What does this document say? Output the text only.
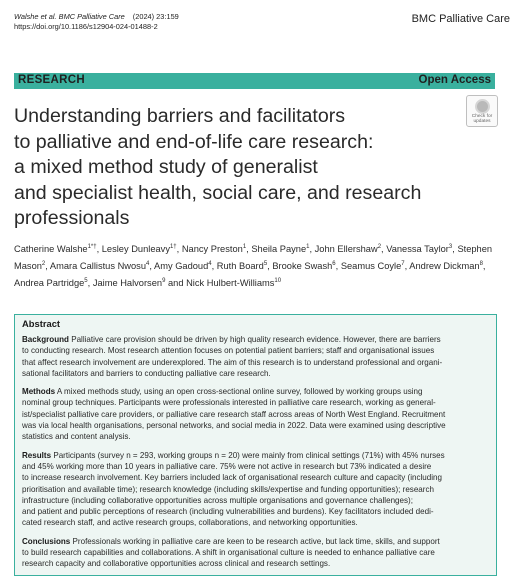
Walshe et al. BMC Palliative Care (2024) 23:159
https://doi.org/10.1186/s12904-024-01488-2
BMC Palliative Care
RESEARCH	Open Access
Understanding barriers and facilitators
to palliative and end-of-life care research:
a mixed method study of generalist
and specialist health, social care, and research
professionals
Check for
updates
Catherine Walshe$^{1*\dagger}$, Lesley Dunleavy$^{1\dagger}$, Nancy Preston$^1$, Sheila Payne$^1$, John Ellershaw$^2$, Vanessa Taylor$^3$, Stephen Mason$^2$, Amara Callistus Nwosu$^4$, Amy Gadoud$^4$, Ruth Board$^5$, Brooke Swash$^6$, Seamus Coyle$^7$, Andrew Dickman$^8$, Andrea Partridge$^5$, Jaime Halvorsen$^9$ and Nick Hulbert-Williams$^{10}$
Abstract

Background Palliative care provision should be driven by high quality research evidence. However, there are barriers
to conducting research. Most research attention focuses on potential patient barriers; staff and organisational issues
that affect research involvement are underexplored. The aim of this research is to understand professional and organi-
sational facilitators and barriers to conducting palliative care research.

Methods A mixed methods study, using an open cross-sectional online survey, followed by working groups using
nominal group techniques. Participants were professionals interested in palliative care research, working as general-
ist/specialist palliative care providers, or palliative care research staff across areas of North West England. Recruitment
was via local health organisations, personal networks, and social media in 2022. Data were examined using descriptive
statistics and content analysis.

Results Participants (survey n = 293, working groups n = 20) were mainly from clinical settings (71%) with 45% nurses
and 45% working more than 10 years in palliative care. 75% were not active in research but 73% indicated a desire
to increase research involvement. Key barriers included lack of organisational research culture and capacity (including
prioritisation and available time); research knowledge (including skills/expertise and funding opportunities); research
infrastructure (including collaborative opportunities across multiple organisations and governance challenges);
and patient and public perceptions of research (including vulnerabilities and burdens). Key facilitators included dedi-
cated research staff, and active research groups, collaborations, and networking opportunities.

Conclusions Professionals working in palliative care are keen to be research active, but lack time, skills, and support
to build research capabilities and collaborations. A shift in organisational culture is needed to enhance palliative care
research capacity and collaborative opportunities across clinical and research settings.
